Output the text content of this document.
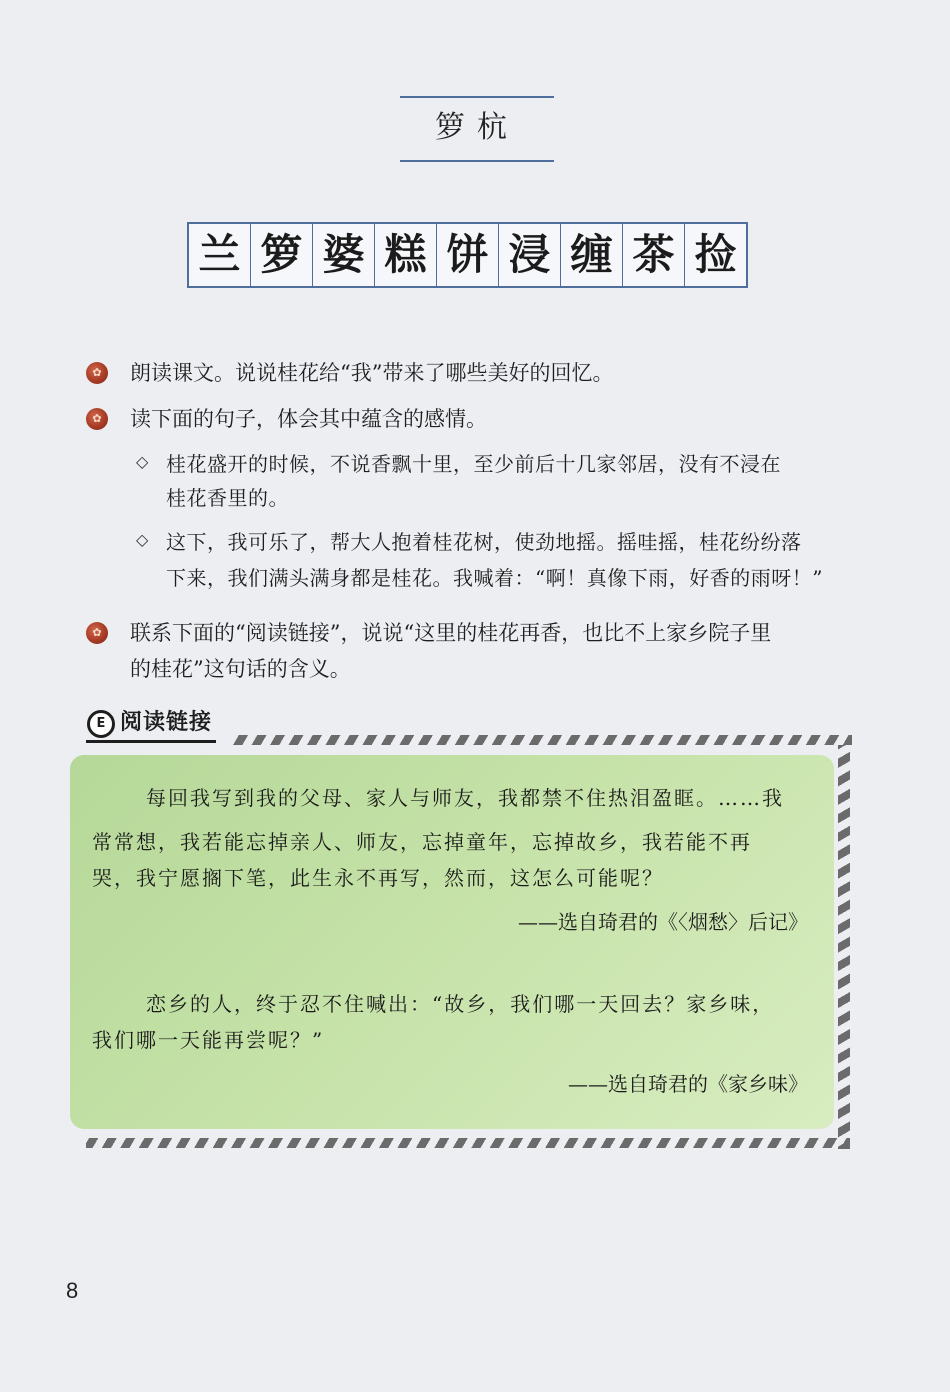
箩杭
兰 箩 婆 糕 饼 浸 缠 茶 捡
✿	朗读课文。说说桂花给“我”带来了哪些美好的回忆。
✿	读下面的句子，体会其中蕴含的感情。
◇ 桂花盛开的时候，不说香飘十里，至少前后十几家邻居，没有不浸在
桂花香里的。
◇ 这下，我可乐了，帮大人抱着桂花树，使劲地摇。摇哇摇，桂花纷纷落
下来，我们满头满身都是桂花。我喊着：“啊！真像下雨，好香的雨呀！”
✿	联系下面的“阅读链接”，说说“这里的桂花再香，也比不上家乡院子里
的桂花”这句话的含义。
E 阅读链接
每回我写到我的父母、家人与师友，我都禁不住热泪盈眶。……我
常常想，我若能忘掉亲人、师友，忘掉童年，忘掉故乡，我若能不再
哭，我宁愿搁下笔，此生永不再写，然而，这怎么可能呢？
——选自琦君的《〈烟愁〉后记》
恋乡的人，终于忍不住喊出：“故乡，我们哪一天回去？家乡味，
我们哪一天能再尝呢？”
——选自琦君的《家乡味》
8
